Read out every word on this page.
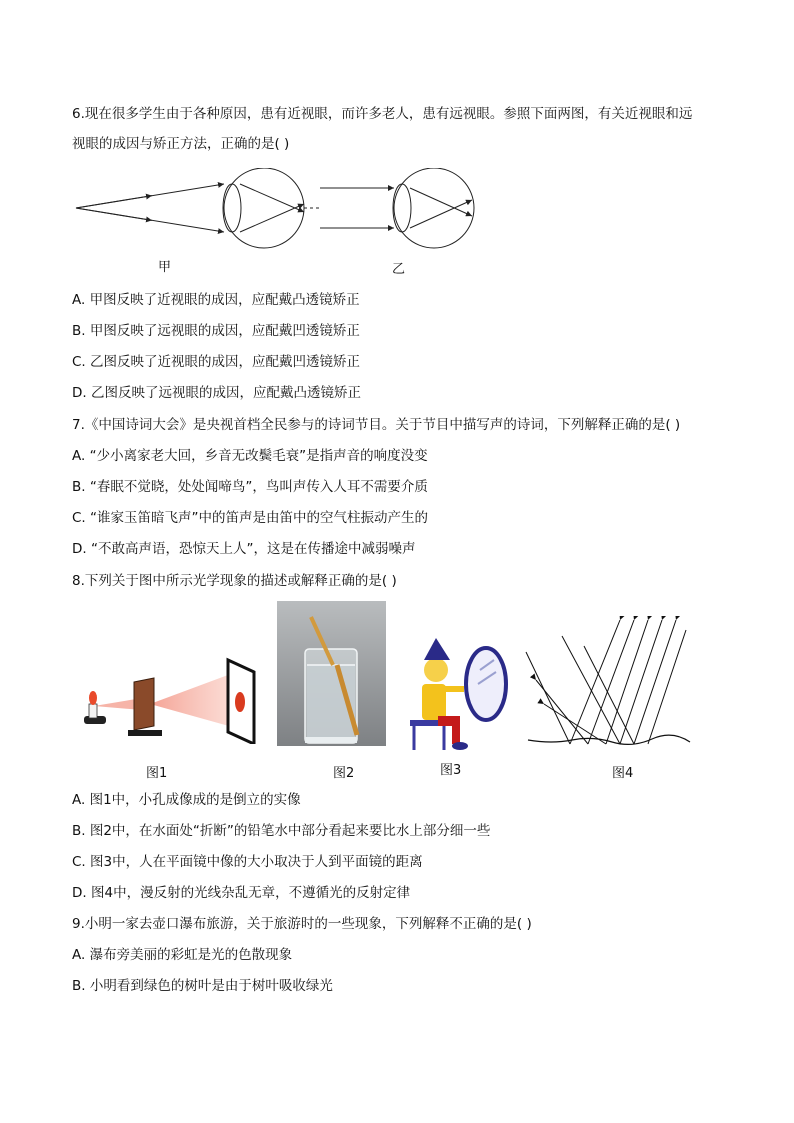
6.现在很多学生由于各种原因，患有近视眼，而许多老人，患有远视眼。参照下面两图，有关近视眼和远
视眼的成因与矫正方法，正确的是( )
甲	乙
A. 甲图反映了近视眼的成因，应配戴凸透镜矫正
B. 甲图反映了远视眼的成因，应配戴凹透镜矫正
C. 乙图反映了近视眼的成因，应配戴凹透镜矫正
D. 乙图反映了远视眼的成因，应配戴凸透镜矫正
7.《中国诗词大会》是央视首档全民参与的诗词节目。关于节目中描写声的诗词，下列解释正确的是( )
A. “少小离家老大回，乡音无改鬓毛衰”是指声音的响度没变
B. “春眠不觉晓，处处闻啼鸟”，鸟叫声传入人耳不需要介质
C. “谁家玉笛暗飞声”中的笛声是由笛中的空气柱振动产生的
D. “不敢高声语，恐惊天上人”，这是在传播途中减弱噪声
8.下列关于图中所示光学现象的描述或解释正确的是( )
图1	图2	图3	图4
A. 图1中，小孔成像成的是倒立的实像
B. 图2中，在水面处“折断”的铅笔水中部分看起来要比水上部分细一些
C. 图3中，人在平面镜中像的大小取决于人到平面镜的距离
D. 图4中，漫反射的光线杂乱无章，不遵循光的反射定律
9.小明一家去壶口瀑布旅游，关于旅游时的一些现象，下列解释不正确的是( )
A. 瀑布旁美丽的彩虹是光的色散现象
B. 小明看到绿色的树叶是由于树叶吸收绿光
